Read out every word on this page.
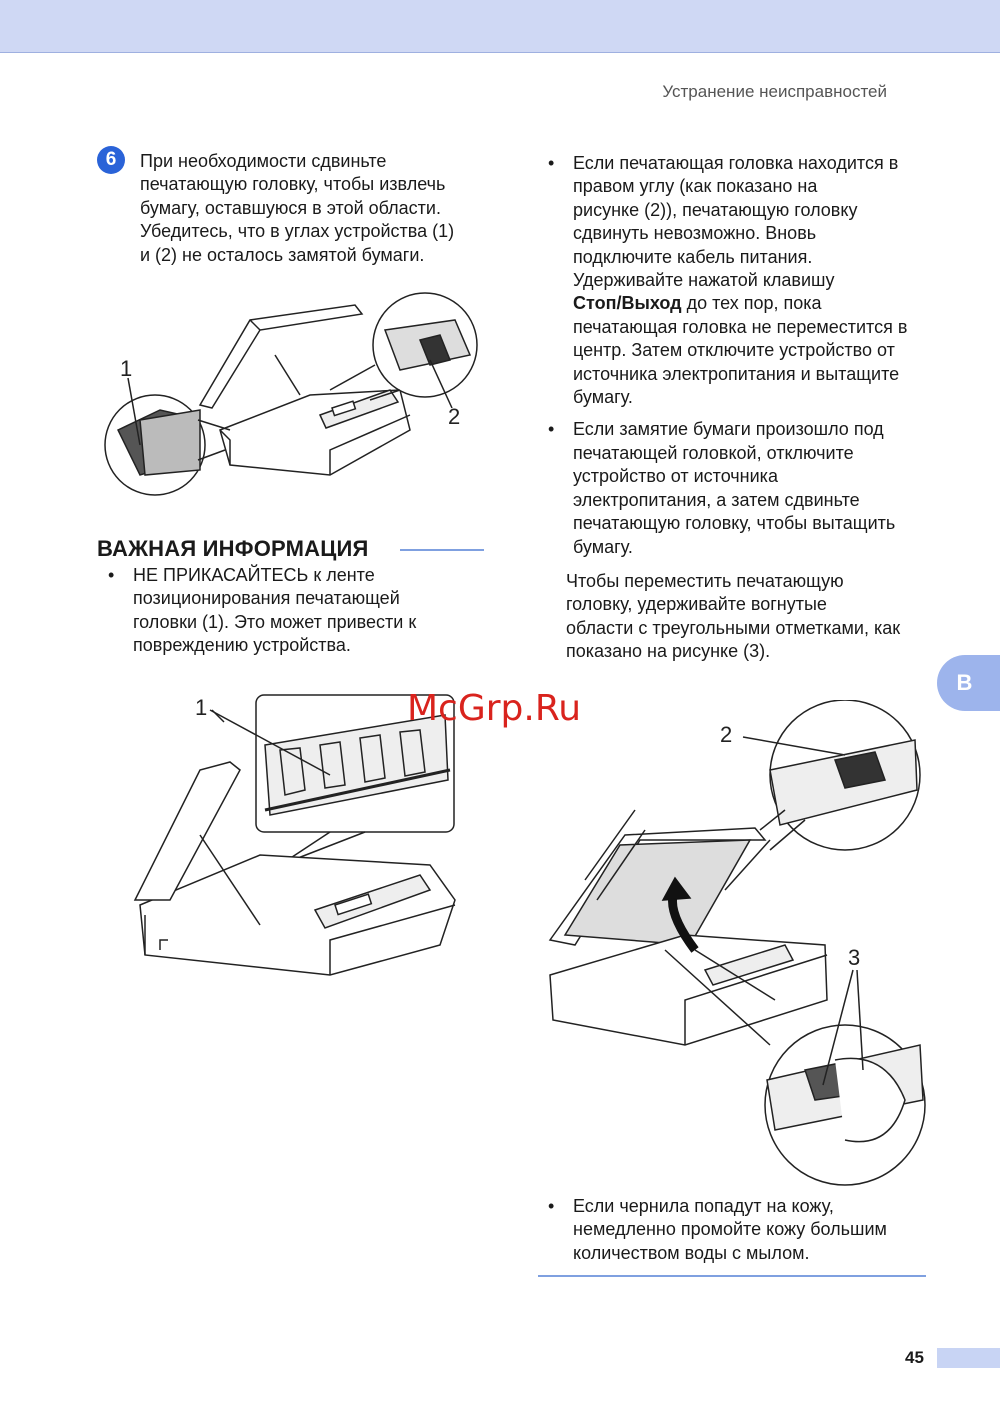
Устранение неисправностей
6	При необходимости сдвиньте
печатающую головку, чтобы извлечь
бумагу, оставшуюся в этой области.
Убедитесь, что в углах устройства (1)
и (2) не осталось замятой бумаги.
1
2
ВАЖНАЯ ИНФОРМАЦИЯ
• НЕ ПРИКАСАЙТЕСЬ к ленте
позиционирования печатающей
головки (1). Это может привести к
повреждению устройства.
• Если печатающая головка находится в
правом углу (как показано на
рисунке (2)), печатающую головку
сдвинуть невозможно. Вновь
подключите кабель питания.
Удерживайте нажатой клавишу
Стоп/Выход до тех пор, пока
печатающая головка не переместится в
центр. Затем отключите устройство от
источника электропитания и вытащите
бумагу.
• Если замятие бумаги произошло под
печатающей головкой, отключите
устройство от источника
электропитания, а затем сдвиньте
печатающую головку, чтобы вытащить
бумагу.
Чтобы переместить печатающую
головку, удерживайте вогнутые
области с треугольными отметками, как
показано на рисунке (3).
B
1
2
3
McGrp.Ru
• Если чернила попадут на кожу,
немедленно промойте кожу большим
количеством воды с мылом.
45
